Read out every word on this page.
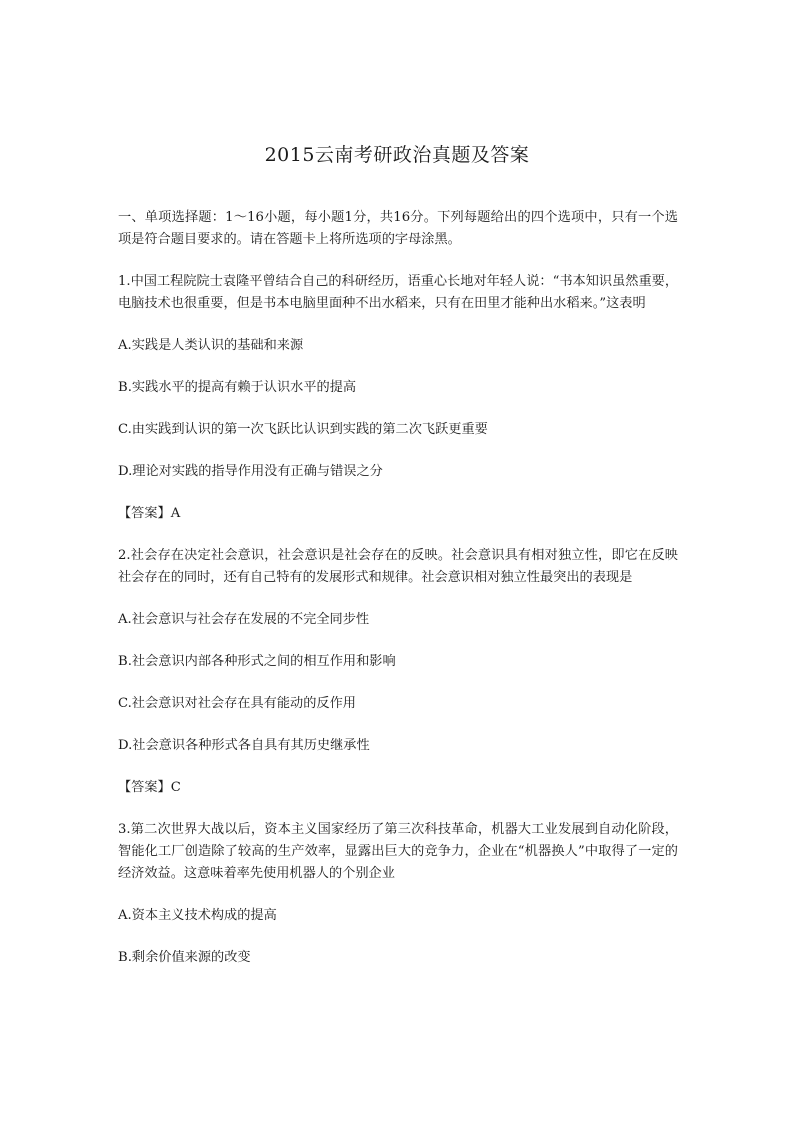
2015云南考研政治真题及答案

一、单项选择题：1～16小题，每小题1分，共16分。下列每题给出的四个选项中，只有一个选项是符合题目要求的。请在答题卡上将所选项的字母涂黑。

1.中国工程院院士袁隆平曾结合自己的科研经历，语重心长地对年轻人说：“书本知识虽然重要，电脑技术也很重要，但是书本电脑里面种不出水稻来，只有在田里才能种出水稻来。”这表明

A.实践是人类认识的基础和来源

B.实践水平的提高有赖于认识水平的提高

C.由实践到认识的第一次飞跃比认识到实践的第二次飞跃更重要

D.理论对实践的指导作用没有正确与错误之分

【答案】A

2.社会存在决定社会意识，社会意识是社会存在的反映。社会意识具有相对独立性，即它在反映社会存在的同时，还有自己特有的发展形式和规律。社会意识相对独立性最突出的表现是

A.社会意识与社会存在发展的不完全同步性

B.社会意识内部各种形式之间的相互作用和影响

C.社会意识对社会存在具有能动的反作用

D.社会意识各种形式各自具有其历史继承性

【答案】C

3.第二次世界大战以后，资本主义国家经历了第三次科技革命，机器大工业发展到自动化阶段，智能化工厂创造除了较高的生产效率，显露出巨大的竞争力，企业在“机器换人”中取得了一定的经济效益。这意味着率先使用机器人的个别企业

A.资本主义技术构成的提高

B.剩余价值来源的改变
